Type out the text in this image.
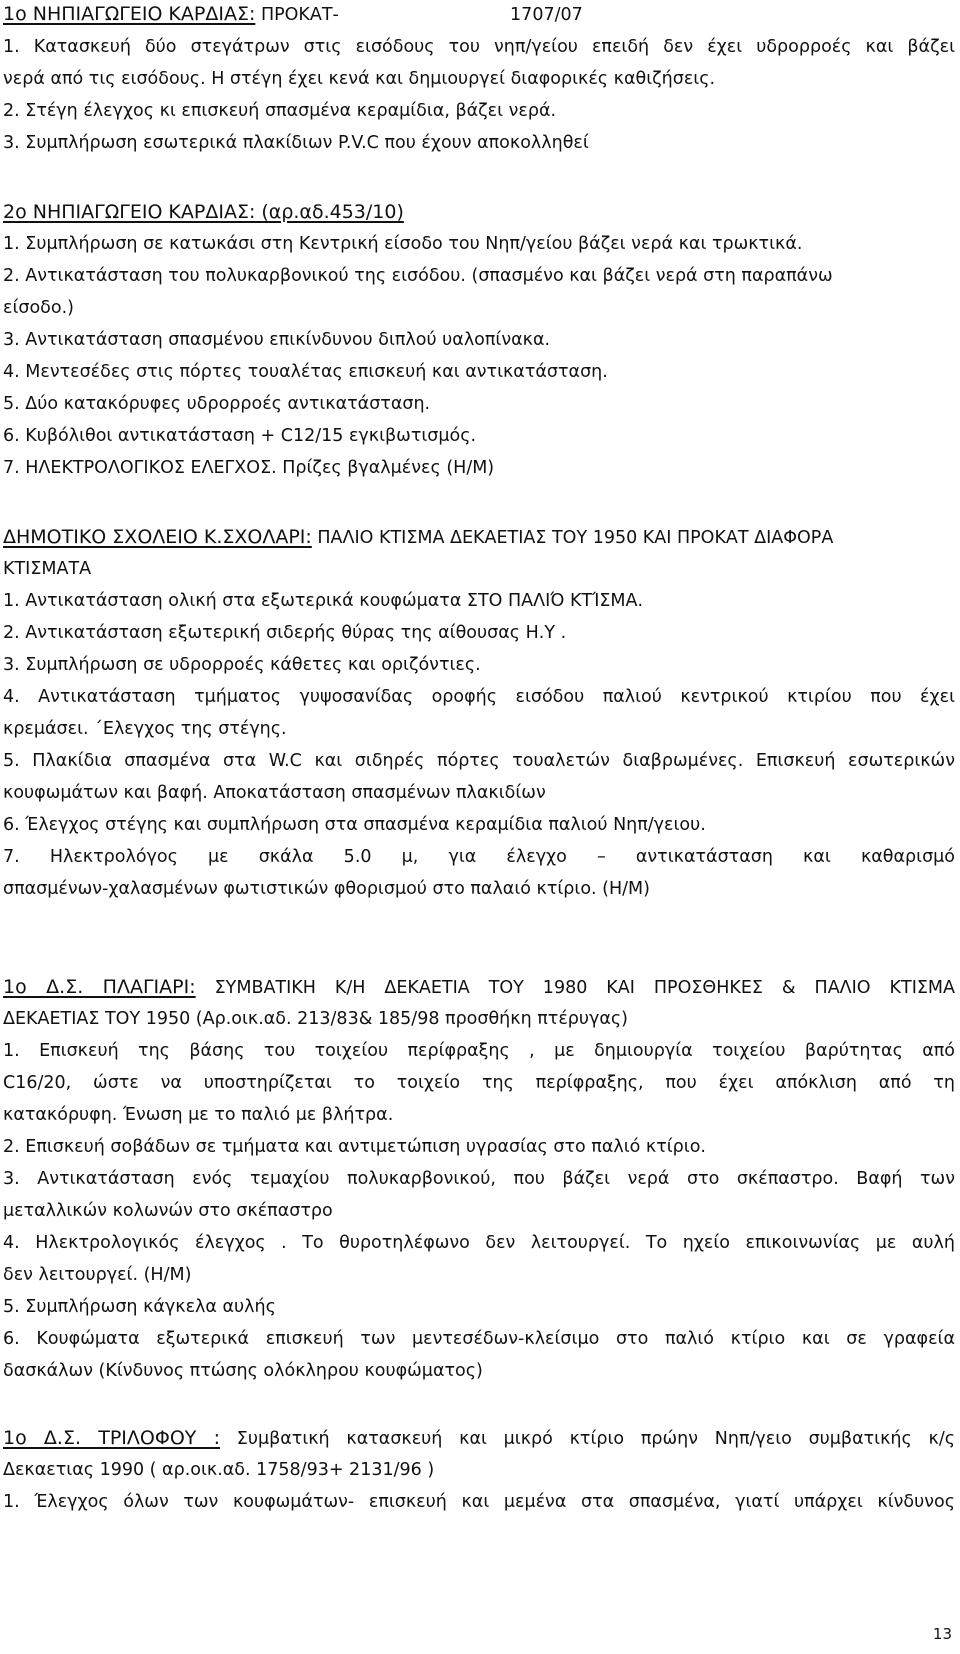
1ο ΝΗΠΙΑΓΩΓΕΙΟ ΚΑΡΔΙΑΣ: ΠΡΟΚΑΤ-	1707/07
1. Κατασκευή δύο στεγάτρων στις εισόδους του νηπ/γείου επειδή δεν έχει υδρορροές και βάζει
νερά από τις εισόδους. Η στέγη έχει κενά και δημιουργεί διαφορικές καθιζήσεις.
2. Στέγη έλεγχος κι επισκευή σπασμένα κεραμίδια, βάζει νερά.
3. Συμπλήρωση εσωτερικά πλακίδιων P.V.C που έχουν αποκολληθεί
2ο ΝΗΠΙΑΓΩΓΕΙΟ ΚΑΡΔΙΑΣ: (αρ.αδ.453/10)
1. Συμπλήρωση σε κατωκάσι στη Κεντρική είσοδο του Νηπ/γείου βάζει νερά και τρωκτικά.
2. Αντικατάσταση του πολυκαρβονικού της εισόδου. (σπασμένο και βάζει νερά στη παραπάνω
είσοδο.)
3. Αντικατάσταση σπασμένου επικίνδυνου διπλού υαλοπίνακα.
4. Μεντεσέδες στις πόρτες τουαλέτας επισκευή και αντικατάσταση.
5. Δύο κατακόρυφες υδρορροές αντικατάσταση.
6. Κυβόλιθοι αντικατάσταση + C12/15 εγκιβωτισμός.
7. ΗΛΕΚΤΡΟΛΟΓΙΚΟΣ ΕΛΕΓΧΟΣ. Πρίζες βγαλμένες (Η/Μ)
ΔΗΜΟΤΙΚΟ ΣΧΟΛΕΙΟ Κ.ΣΧΟΛΑΡΙ: ΠΑΛΙΟ ΚΤΙΣΜΑ ΔΕΚΑΕΤΙΑΣ ΤΟΥ 1950 ΚΑΙ ΠΡΟΚΑΤ ΔΙΑΦΟΡΑ
ΚΤΙΣΜΑΤΑ
1. Αντικατάσταση ολική στα εξωτερικά κουφώματα ΣΤΟ ΠΑΛΙΌ ΚΤΊΣΜΑ.
2. Αντικατάσταση εξωτερική σιδερής θύρας της αίθουσας Η.Υ .
3. Συμπλήρωση σε υδρορροές κάθετες και οριζόντιες.
4. Αντικατάσταση τμήματος γυψοσανίδας οροφής εισόδου παλιού κεντρικού κτιρίου που έχει
κρεμάσει. ΄Ελεγχος της στέγης.
5. Πλακίδια σπασμένα στα W.C και σιδηρές πόρτες τουαλετών διαβρωμένες. Επισκευή εσωτερικών
κουφωμάτων και βαφή. Αποκατάσταση σπασμένων πλακιδίων
6. Έλεγχος στέγης και συμπλήρωση στα σπασμένα κεραμίδια παλιού Νηπ/γειου.
7. Ηλεκτρολόγος με σκάλα 5.0 μ, για έλεγχο – αντικατάσταση και καθαρισμό
σπασμένων-χαλασμένων φωτιστικών φθορισμού στο παλαιό κτίριο. (Η/Μ)
1ο Δ.Σ. ΠΛΑΓΙΑΡΙ: ΣΥΜΒΑΤΙΚΗ Κ/Η ΔΕΚΑΕΤΙΑ ΤΟΥ 1980 ΚΑΙ ΠΡΟΣΘΗΚΕΣ & ΠΑΛΙΟ ΚΤΙΣΜΑ
ΔΕΚΑΕΤΙΑΣ ΤΟΥ 1950 (Αρ.οικ.αδ. 213/83& 185/98 προσθήκη πτέρυγας)
1. Επισκευή της βάσης του τοιχείου περίφραξης , με δημιουργία τοιχείου βαρύτητας από
C16/20, ώστε να υποστηρίζεται το τοιχείο της περίφραξης, που έχει απόκλιση από τη
κατακόρυφη. Ένωση με το παλιό με βλήτρα.
2. Επισκευή σοβάδων σε τμήματα και αντιμετώπιση υγρασίας στο παλιό κτίριο.
3. Αντικατάσταση ενός τεμαχίου πολυκαρβονικού, που βάζει νερά στο σκέπαστρο. Βαφή των
μεταλλικών κολωνών στο σκέπαστρο
4. Ηλεκτρολογικός έλεγχος . Το θυροτηλέφωνο δεν λειτουργεί. Το ηχείο επικοινωνίας με αυλή
δεν λειτουργεί. (Η/Μ)
5. Συμπλήρωση κάγκελα αυλής
6. Κουφώματα εξωτερικά επισκευή των μεντεσέδων-κλείσιμο στο παλιό κτίριο και σε γραφεία
δασκάλων (Κίνδυνος πτώσης ολόκληρου κουφώματος)
1ο Δ.Σ. ΤΡΙΛΟΦΟΥ : Συμβατική κατασκευή και μικρό κτίριο πρώην Νηπ/γειο συμβατικής κ/ς
Δεκαετιας 1990 ( αρ.οικ.αδ. 1758/93+ 2131/96 )
1. Έλεγχος όλων των κουφωμάτων- επισκευή και μεμένα στα σπασμένα, γιατί υπάρχει κίνδυνος
13
